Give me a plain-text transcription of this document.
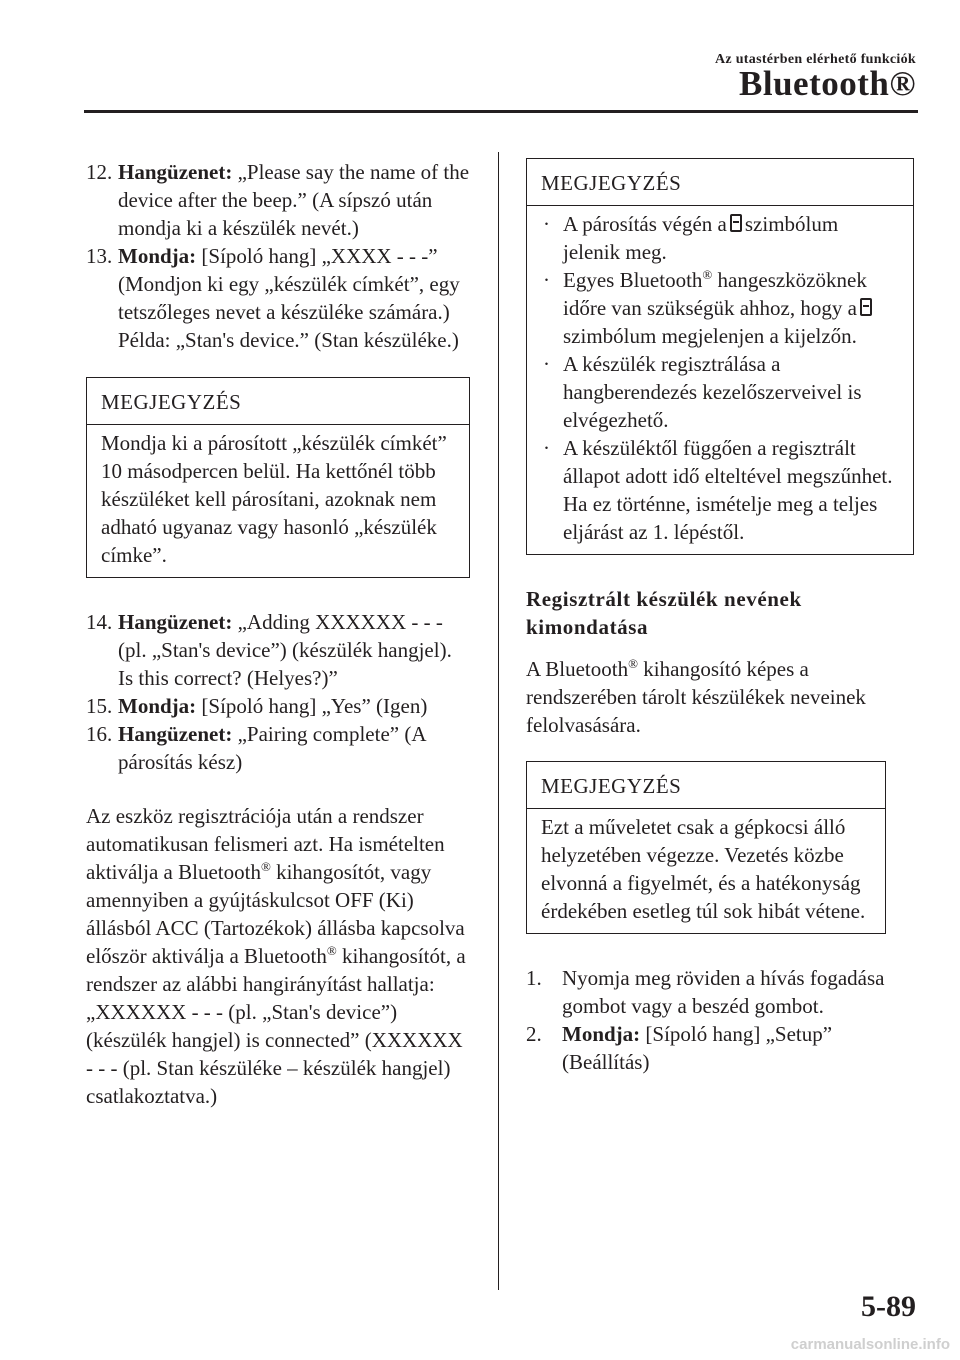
Az utastérben elérhető funkciók
Bluetooth®
12. Hangüzenet: „Please say the name of the device after the beep.” (A sípszó után mondja ki a készülék nevét.)
13. Mondja: [Sípoló hang] „XXXX - - -” (Mondjon ki egy „készülék címkét”, egy tetszőleges nevet a készüléke számára.)
Példa: „Stan's device.” (Stan készüléke.)
MEGJEGYZÉS
Mondja ki a párosított „készülék címkét” 10 másodpercen belül. Ha kettőnél több készüléket kell párosítani, azoknak nem adható ugyanaz vagy hasonló „készülék címke”.
14. Hangüzenet: „Adding XXXXXX - - - (pl. „Stan's device”) (készülék hangjel). Is this correct? (Helyes?)”
15. Mondja: [Sípoló hang] „Yes” (Igen)
16. Hangüzenet: „Pairing complete” (A párosítás kész)

Az eszköz regisztrációja után a rendszer automatikusan felismeri azt. Ha ismételten aktiválja a Bluetooth® kihangosítót, vagy amennyiben a gyújtáskulcsot OFF (Ki) állásból ACC (Tartozékok) állásba kapcsolva először aktiválja a Bluetooth® kihangosítót, a rendszer az alábbi hangirányítást hallatja: „XXXXXX - - - (pl. „Stan's device”) (készülék hangjel) is connected” (XXXXXX - - - (pl. Stan készüléke – készülék hangjel) csatlakoztatva.)

MEGJEGYZÉS
· A párosítás végén a szimbólum jelenik meg.
· Egyes Bluetooth® hangeszközöknek időre van szükségük ahhoz, hogy aszimbólum megjelenjen a kijelzőn.
· A készülék regisztrálása a hangberendezés kezelőszerveivel is elvégezhető.
· A készüléktől függően a regisztrált állapot adott idő elteltével megszűnhet. Ha ez történne, ismételje meg a teljes eljárást az 1. lépéstől.
Regisztrált készülék nevének kimondatása

A Bluetooth® kihangosító képes a rendszerében tárolt készülékek neveinek felolvasására.

MEGJEGYZÉS
Ezt a műveletet csak a gépkocsi álló helyzetében végezze. Vezetés közbe elvonná a figyelmét, és a hatékonyság érdekében esetleg túl sok hibát vétene.
1. Nyomja meg röviden a hívás fogadása gombot vagy a beszéd gombot.
2. Mondja: [Sípoló hang] „Setup” (Beállítás)
5-89
carmanualsonline.info
